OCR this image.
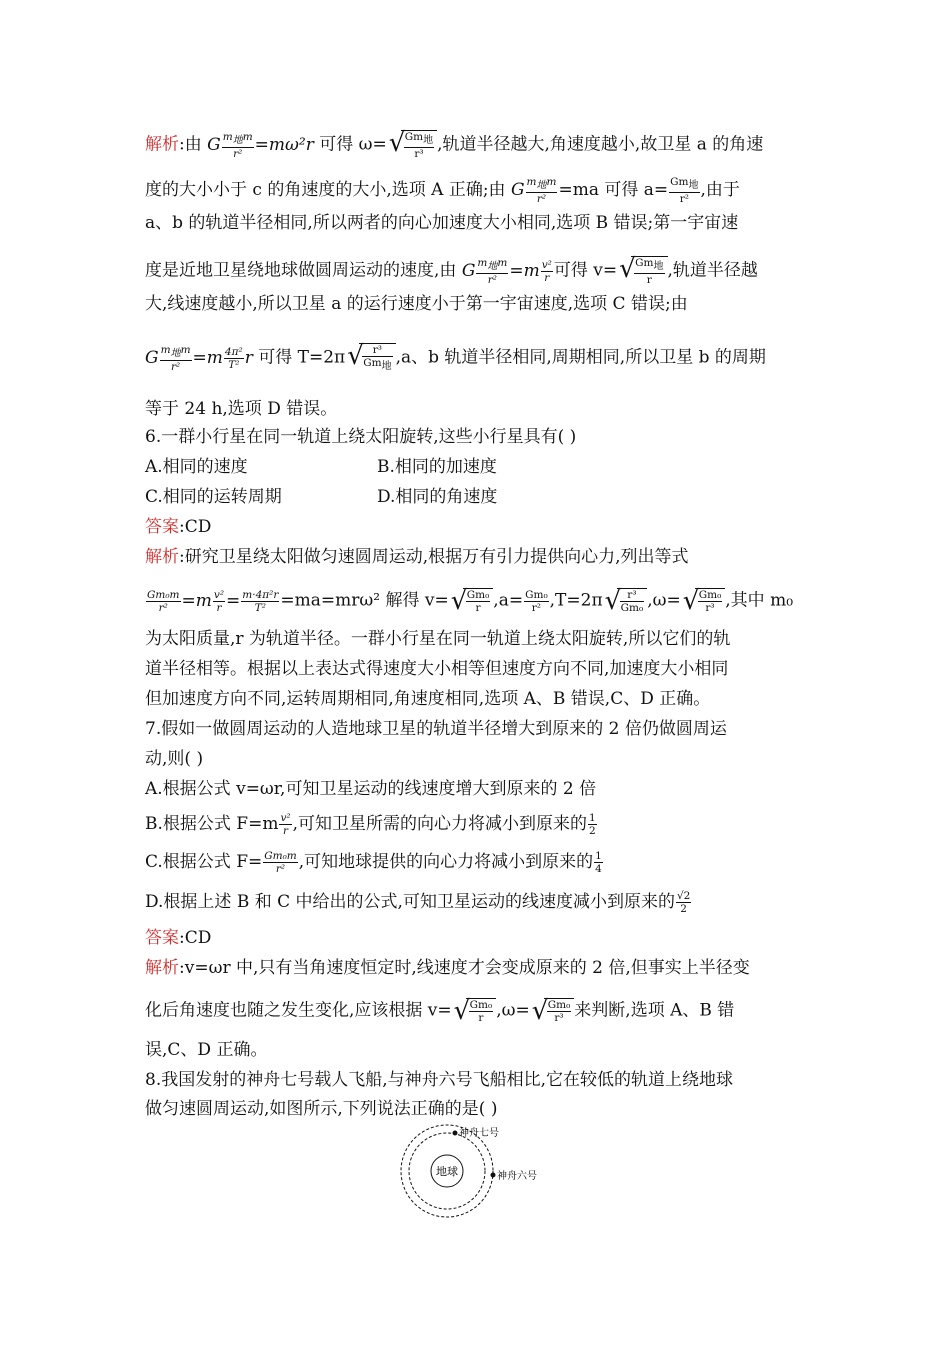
解析:由 G $\frac{m_地m}{\text{r²}} =m\omega^2r$ 可得 ω= √
$\frac{Gm_地}{\text{r³}}$ ,轨道半径越大,角速度越小,故卫星 a 的角速
度的大小小于 c 的角速度的大小,选项 A 正确;由 G $\frac{m_地m}{\text{r²}} =ma$ 可得 $a= \frac{Gm_地}{\text{r²}}$ ,由于
a、b 的轨道半径相同,所以两者的向心加速度大小相同,选项 B 错误;第一宇宙速
度是近地卫星绕地球做圆周运动的速度,由 G $\frac{m_地m}{\text{r²}} =m \frac{\text{v²}}{r}$ 可得 v= √
$\frac{Gm_地}{r}$ ,轨道半径越
大,线速度越小,所以卫星 a 的运行速度小于第一宇宙速度,选项 C 错误;由
G $\frac{m_地m}{\text{r²}} =m \frac{\text{4π²}}{\text{T²}}$ r 可得 T=2π √
$\frac{\text{r³}}{Gm_地} ,a$、b 轨道半径相同,周期相同,所以卫星 b 的周期
等于 24 h,选项 D 错误。
6.一群小行星在同一轨道上绕太阳旋转,这些小行星具有( )
A.相同的速度	B.相同的加速度
C.相同的运转周期	D.相同的角速度
答案:CD
解析:研究卫星绕太阳做匀速圆周运动,根据万有引力提供向心力,列出等式
$\frac{\text{Gm₀m}}{\text{r²}} =m \frac{\text{v²}}{r} = \frac{\text{m·4π²r}}{\text{T²}} =ma=mr\omega^2$ 解得 v= √
$\frac{\text{Gm₀}}{r} ,a= \frac{\text{Gm₀}}{\text{r²}} ,T=2\pi$ √
$\frac{\text{r³}}{\text{Gm₀}} ,\omega=$ √
$\frac{\text{Gm₀}}{\text{r³}}$ ,其中 m₀
为太阳质量,r 为轨道半径。一群小行星在同一轨道上绕太阳旋转,所以它们的轨
道半径相等。根据以上表达式得速度大小相等但速度方向不同,加速度大小相同
但加速度方向不同,运转周期相同,角速度相同,选项 A、B 错误,C、D 正确。
7.假如一做圆周运动的人造地球卫星的轨道半径增大到原来的 2 倍仍做圆周运
动,则( )
A.根据公式 v=ωr,可知卫星运动的线速度增大到原来的 2 倍
B.根据公式 $F=m \frac{\text{v²}}{r}$ ,可知卫星所需的向心力将减小到原来的 $\frac{1}{2}$
C.根据公式 $F= \frac{\text{Gm₀m}}{\text{r²}}$ ,可知地球提供的向心力将减小到原来的 $\frac{1}{4}$
D.根据上述 B 和 C 中给出的公式,可知卫星运动的线速度减小到原来的 $\frac{√2}{2}$
答案:CD
解析:v=ωr 中,只有当角速度恒定时,线速度才会变成原来的 2 倍,但事实上半径变
化后角速度也随之发生变化,应该根据 v= √
$\frac{\text{Gm₀}}{r} ,\omega=$ √
$\frac{\text{Gm₀}}{\text{r³}}$ 来判断,选项 A、B 错
误,C、D 正确。
8.我国发射的神舟七号载人飞船,与神舟六号飞船相比,它在较低的轨道上绕地球
做匀速圆周运动,如图所示,下列说法正确的是( )
地球
神舟七号
神舟六号
